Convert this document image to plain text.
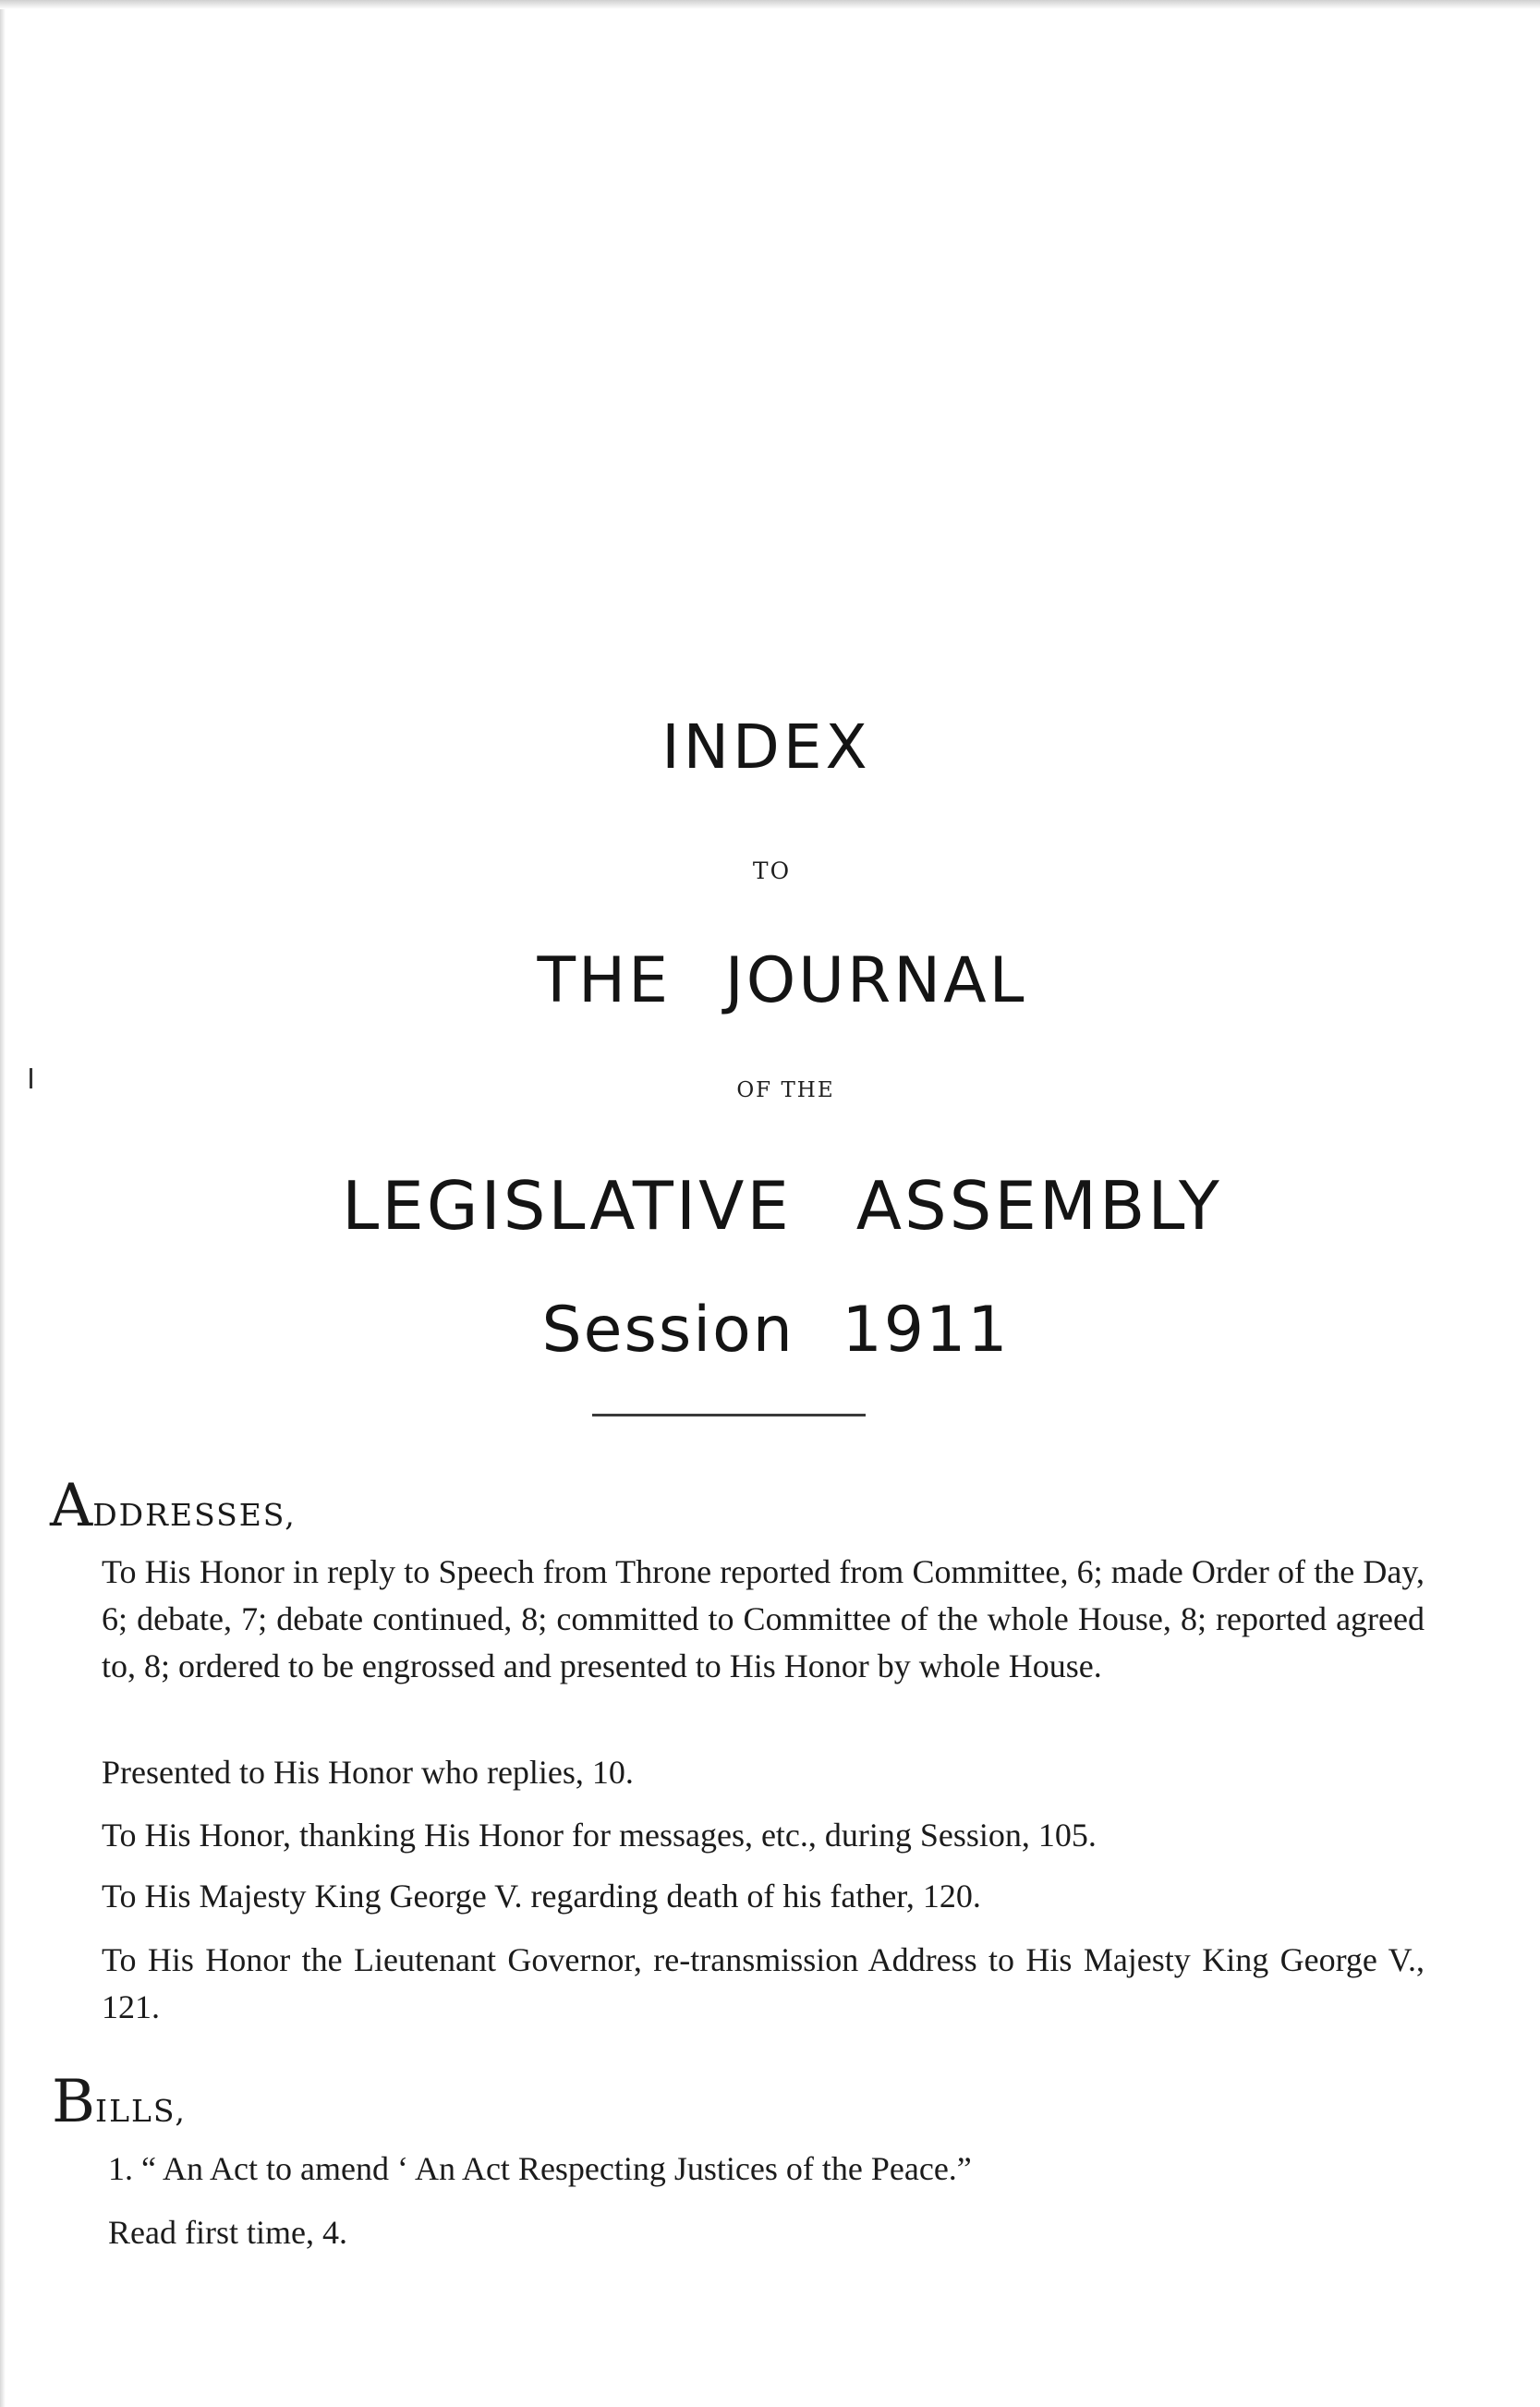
INDEX
TO
THE JOURNAL
OF THE
LEGISLATIVE ASSEMBLY
Session 1911
ADDRESSES,
To His Honor in reply to Speech from Throne reported from Committee, 6; made Order of the Day, 6; debate, 7; debate continued, 8; committed to Committee of the whole House, 8; reported agreed to, 8; ordered to be engrossed and presented to His Honor by whole House.
Presented to His Honor who replies, 10.
To His Honor, thanking His Honor for messages, etc., during Session, 105.
To His Majesty King George V. regarding death of his father, 120.
To His Honor the Lieutenant Governor, re-transmission Address to His Majesty King George V., 121.
BILLS,
1. “ An Act to amend ‘ An Act Respecting Justices of the Peace.”
Read first time, 4.
